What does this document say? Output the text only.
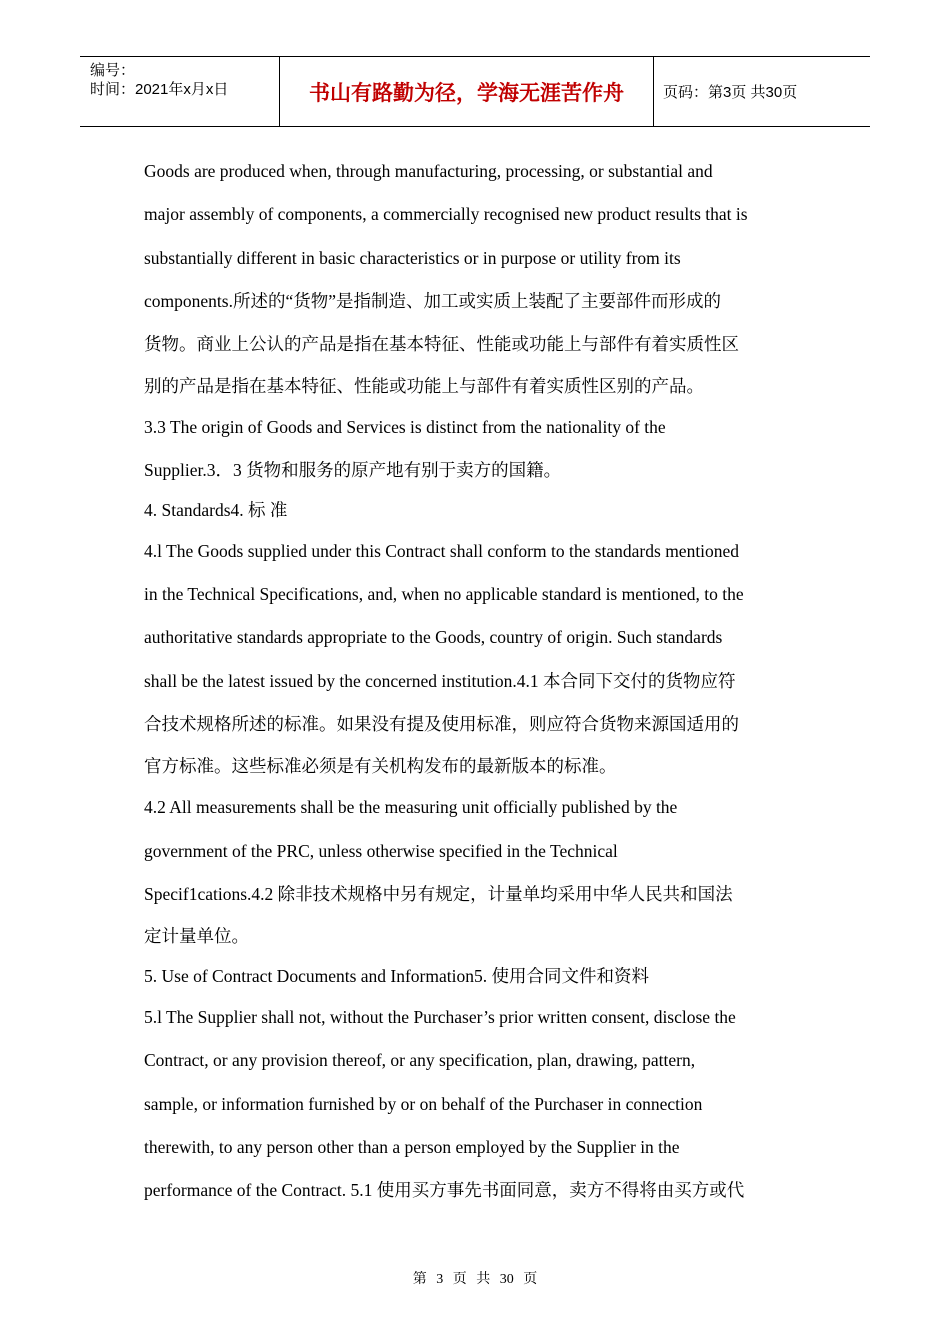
编号：
时间：2021年x月x日	书山有路勤为径，学海无涯苦作舟	页码：第3页 共30页

Goods are produced when, through manufacturing, processing, or substantial and

major assembly of components, a commercially recognised new product results that is

substantially different in basic characteristics or in purpose or utility from its

components.所述的“货物”是指制造、加工或实质上装配了主要部件而形成的

货物。商业上公认的产品是指在基本特征、性能或功能上与部件有着实质性区

别的产品是指在基本特征、性能或功能上与部件有着实质性区别的产品。

3.3 The origin of Goods and Services is distinct from the nationality of the

Supplier.3．3 货物和服务的原产地有别于卖方的国籍。

4. Standards4. 标 准

4.l The Goods supplied under this Contract shall conform to the standards mentioned

in the Technical Specifications, and, when no applicable standard is mentioned, to the

authoritative standards appropriate to the Goods, country of origin. Such standards

shall be the latest issued by the concerned institution.4.1 本合同下交付的货物应符

合技术规格所述的标准。如果没有提及使用标准，则应符合货物来源国适用的

官方标准。这些标准必须是有关机构发布的最新版本的标准。

4.2 All measurements shall be the measuring unit officially published by the

government of the PRC, unless otherwise specified in the Technical

Specif1cations.4.2 除非技术规格中另有规定，计量单均采用中华人民共和国法

定计量单位。

5. Use of Contract Documents and Information5. 使用合同文件和资料

5.l The Supplier shall not, without the Purchaser’s prior written consent, disclose the

Contract, or any provision thereof, or any specification, plan, drawing, pattern,

sample, or information furnished by or on behalf of the Purchaser in connection

therewith, to any person other than a person employed by the Supplier in the

performance of the Contract. 5.1 使用买方事先书面同意，卖方不得将由买方或代

第 3 页 共 30 页
